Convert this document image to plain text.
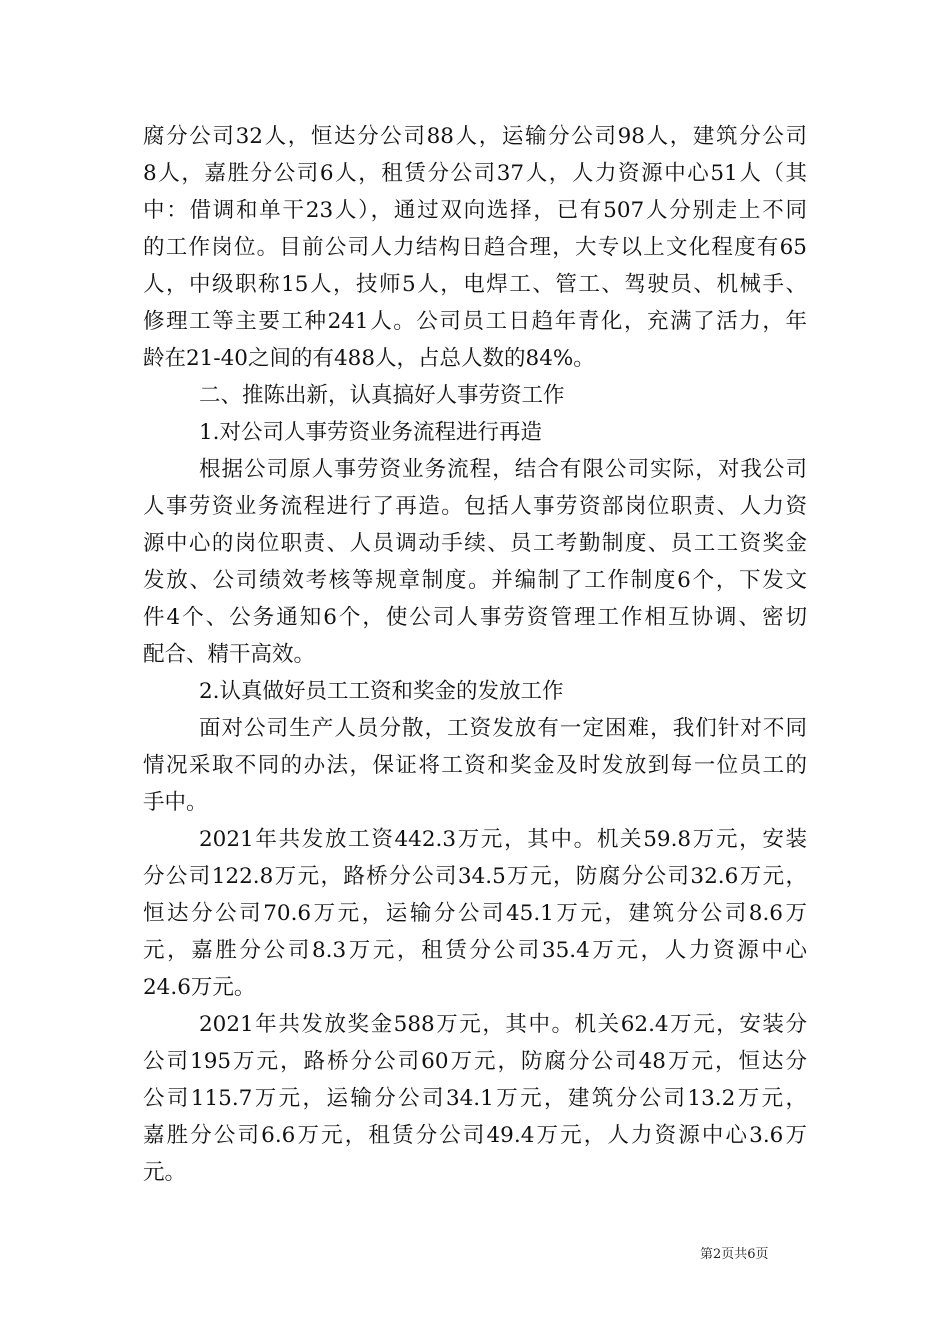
腐分公司32人，恒达分公司88人，运输分公司98人，建筑分公司
8人，嘉胜分公司6人，租赁分公司37人，人力资源中心51人（其
中：借调和单干23人），通过双向选择，已有507人分别走上不同
的工作岗位。目前公司人力结构日趋合理，大专以上文化程度有65
人，中级职称15人，技师5人，电焊工、管工、驾驶员、机械手、
修理工等主要工种241人。公司员工日趋年青化，充满了活力，年
龄在21-40之间的有488人，占总人数的84%。
二、推陈出新，认真搞好人事劳资工作
1.对公司人事劳资业务流程进行再造
根据公司原人事劳资业务流程，结合有限公司实际，对我公司
人事劳资业务流程进行了再造。包括人事劳资部岗位职责、人力资
源中心的岗位职责、人员调动手续、员工考勤制度、员工工资奖金
发放、公司绩效考核等规章制度。并编制了工作制度6个，下发文
件4个、公务通知6个，使公司人事劳资管理工作相互协调、密切
配合、精干高效。
2.认真做好员工工资和奖金的发放工作
面对公司生产人员分散，工资发放有一定困难，我们针对不同
情况采取不同的办法，保证将工资和奖金及时发放到每一位员工的
手中。
2021年共发放工资442.3万元，其中。机关59.8万元，安装
分公司122.8万元，路桥分公司34.5万元，防腐分公司32.6万元，
恒达分公司70.6万元，运输分公司45.1万元，建筑分公司8.6万
元，嘉胜分公司8.3万元，租赁分公司35.4万元，人力资源中心
24.6万元。
2021年共发放奖金588万元，其中。机关62.4万元，安装分
公司195万元，路桥分公司60万元，防腐分公司48万元，恒达分
公司115.7万元，运输分公司34.1万元，建筑分公司13.2万元，
嘉胜分公司6.6万元，租赁分公司49.4万元，人力资源中心3.6万
元。
第2页共6页
